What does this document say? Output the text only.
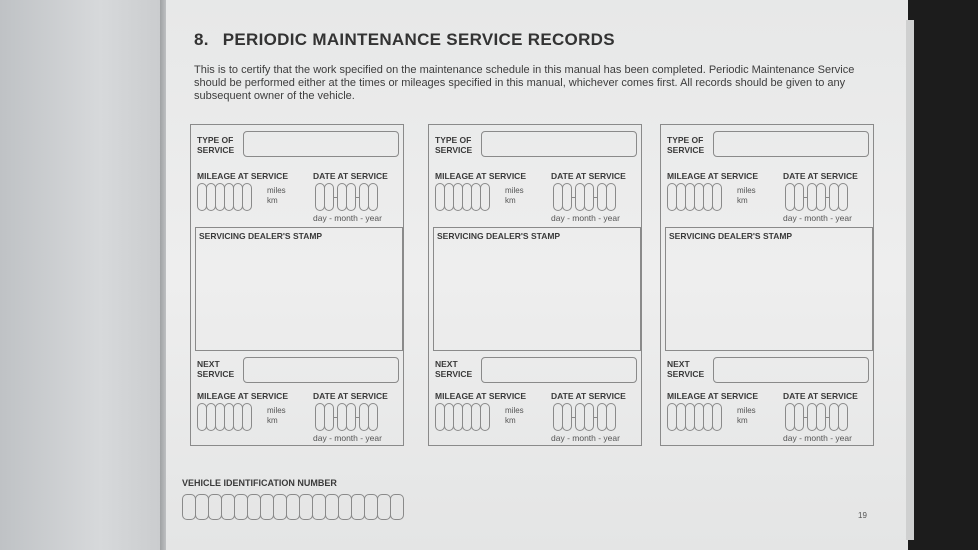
8. PERIODIC MAINTENANCE SERVICE RECORDS

This is to certify that the work specified on the maintenance schedule in this manual has been completed. Periodic Maintenance Service should be performed either at the times or mileages specified in this manual, whichever comes first. All records should be given to any subsequent owner of the vehicle.

TYPE OF SERVICE
MILEAGE AT SERVICE	DATE AT SERVICE
miles km
day - month - year
SERVICING DEALER'S STAMP
NEXT SERVICE
MILEAGE AT SERVICE	DATE AT SERVICE
miles km
day - month - year
TYPE OF SERVICE
MILEAGE AT SERVICE	DATE AT SERVICE
miles km
day - month - year
SERVICING DEALER'S STAMP
NEXT SERVICE
MILEAGE AT SERVICE	DATE AT SERVICE
miles km
day - month - year
TYPE OF SERVICE
MILEAGE AT SERVICE	DATE AT SERVICE
miles km
day - month - year
SERVICING DEALER'S STAMP
NEXT SERVICE
MILEAGE AT SERVICE	DATE AT SERVICE
miles km
day - month - year
VEHICLE IDENTIFICATION NUMBER
19
